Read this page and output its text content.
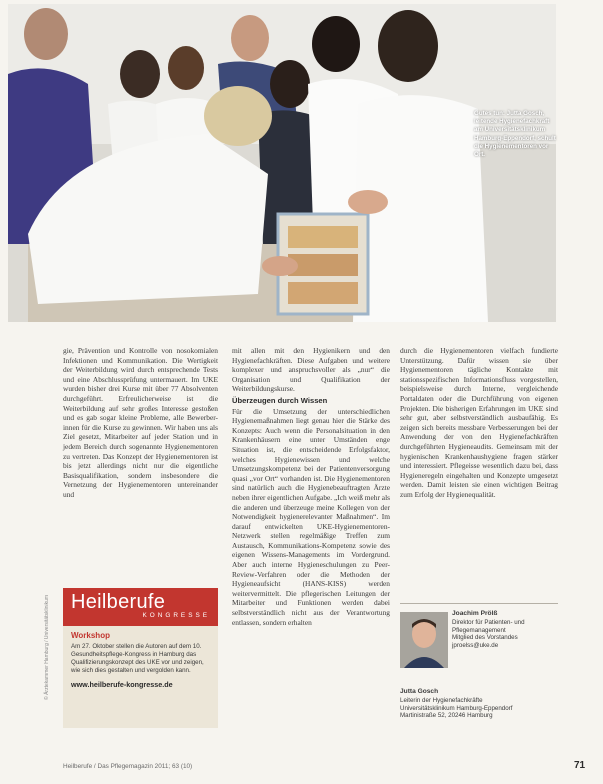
Gutes tun: Jutta Gosch, leitende Hygienefachkraft am Universitätsklinikum Hamburg-Eppendorf, schult die Hygienementoren vor Ort.

gie, Prävention und Kontrolle von nosokomialen Infektionen und Kommunikation. Die Wertigkeit der Weiterbildung wird durch entsprechende Tests und eine Abschlussprüfung untermauert. Im UKE wurden bisher drei Kurse mit über 77 Absolventen durchgeführt. Erfreulicherweise ist die Weiterbildung auf sehr großes Interesse gestoßen und es gab sogar kleine Probleme, alle Bewerber-innen für die Kurse zu gewinnen. Wir haben uns als Ziel gesetzt, Mitarbeiter auf jeder Station und in jedem Bereich durch sogenannte Hygienementoren zu vertreten. Das Konzept der Hygienementoren ist bis jetzt allerdings nicht nur die eigentliche Basisqualifikation, sondern insbesondere die Vernetzung der Hygienementoren untereinander und

mit allen mit den Hygienikern und den Hygienefachkräften. Diese Aufgaben und weitere komplexer und anspruchsvoller als „nur“ die Organisation und Qualifikation der Weiterbildungskurse.

Überzeugen durch Wissen

Für die Umsetzung der unterschiedlichen Hygienemaßnahmen liegt genau hier die Stärke des Konzepts: Auch wenn die Personalsituation in den Krankenhäusern eine unter Umständen enge Situation ist, die entscheidende Erfolgsfaktor, welches Hygienewissen und welche Umsetzungskompetenz bei der Patientenversorgung quasi „vor Ort“ vorhanden ist. Die Hygienementoren sind natürlich auch die Hygienebeauftragten Ärzte neben ihrer eigentlichen Aufgabe. „Ich weiß mehr als die anderen und überzeuge meine Kollegen von der Notwendigkeit hygienerelevanter Maßnahmen“. Im darauf entwickelten UKE-Hygienementoren-Netzwerk stellen regelmäßige Treffen zum Austausch, Kommunikations-Kompetenz sowie des eigenen Wissens-Managements im Vordergrund. Aber auch interne Hygieneschulungen zu Peer-Review-Verfahren oder die Methoden der Hygieneaufsicht (HANS-KISS) werden weitervermittelt. Die pflegerischen Leitungen der Mitarbeiter und Funktionen werden dabei selbstverständlich nicht aus der Verantwortung entlassen, sondern erhalten

durch die Hygienementoren vielfach fundierte Unterstützung. Dafür wissen sie über Hygienementoren tägliche Kontakte mit stationsspezifischen Informationsfluss vorgestellen, beispielsweise durch Interne, vergleichende Portaldaten oder die Durchführung von eigenen Projekten. Die bisherigen Erfahrungen im UKE sind sehr gut, aber selbstverständlich ausbaufähig. Es zeigen sich bereits messbare Verbesserungen bei der Anwendung der von den Hygienefachkräften durchgeführten Hygieneaudits. Gemeinsam mit der hygienischen Krankenhaushygiene fragen stärker und interessiert. Pflegeisse wesentlich dazu bei, dass Hygieneregeln eingehalten und Konzepte umgesetzt werden. Damit leisten sie einen wichtigen Beitrag zum Erfolg der Hygienequalität.

Heilberufe
KONGRESSE
Workshop
Am 27. Oktober stellen die Autoren auf dem 10. Gesundheitspflege-Kongress in Hamburg das Qualifizierungskonzept des UKE vor und zeigen, wie sich dies gestalten und vergolden kann.
www.heilberufe-kongresse.de
© Ärztekammer Hamburg / Universitätsklinikum	Joachim Prölß
Direktor für Patienten- und Pflegemanagement
Mitglied des Vorstandes
jproelss@uke.de
Jutta Gosch
Leiterin der Hygienefachkräfte
Universitätsklinikum Hamburg-Eppendorf
Martinistraße 52, 20246 Hamburg
Heilberufe / Das Pflegemagazin 2011; 63 (10)	71
